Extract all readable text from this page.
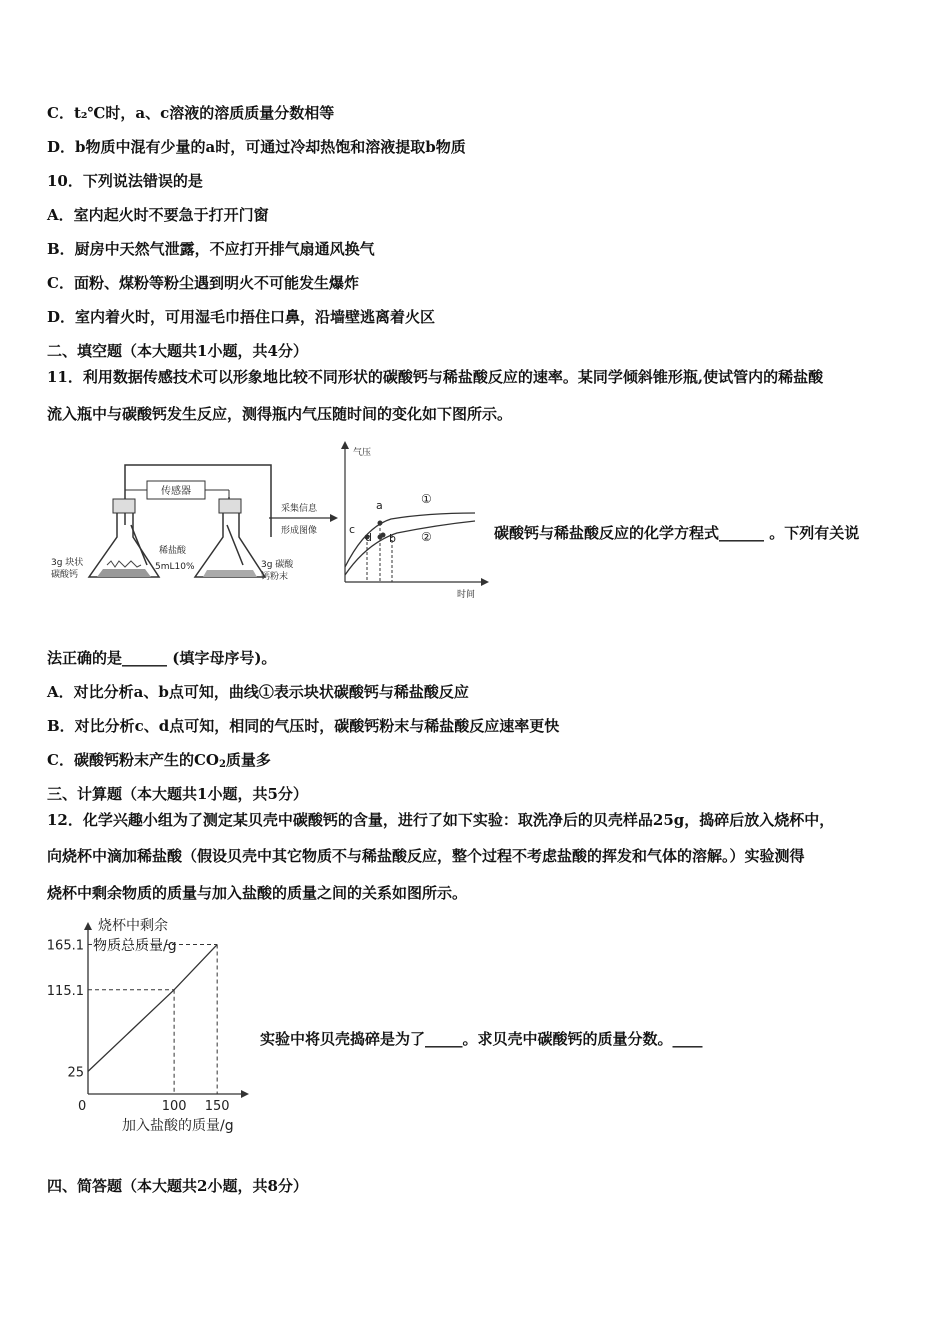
C．t₂℃时，a、c溶液的溶质质量分数相等
D．b物质中混有少量的a时，可通过冷却热饱和溶液提取b物质
10．下列说法错误的是
A．室内起火时不要急于打开门窗
B．厨房中天然气泄露，不应打开排气扇通风换气
C．面粉、煤粉等粉尘遇到明火不可能发生爆炸
D．室内着火时，可用湿毛巾捂住口鼻，沿墙壁逃离着火区
二、填空题（本大题共1小题，共4分）
11．利用数据传感技术可以形象地比较不同形状的碳酸钙与稀盐酸反应的速率。某同学倾斜锥形瓶,使试管内的稀盐酸
流入瓶中与碳酸钙发生反应，测得瓶内气压随时间的变化如下图所示。
传感器
3g 块状
碳酸钙
稀盐酸
5mL10%	3g 碳酸
钙粉末
采集信息
形成图像
气压
时间
a
b
c
d
①
②	碳酸钙与稀盐酸反应的化学方程式______ 。下列有关说
法正确的是______ (填字母序号)。
A．对比分析a、b点可知，曲线①表示块状碳酸钙与稀盐酸反应
B．对比分析c、d点可知，相同的气压时，碳酸钙粉末与稀盐酸反应速率更快
C．碳酸钙粉末产生的$CO_2$质量多
三、计算题（本大题共1小题，共5分）
12．化学兴趣小组为了测定某贝壳中碳酸钙的含量，进行了如下实验：取洗净后的贝壳样品25g，捣碎后放入烧杯中，
向烧杯中滴加稀盐酸（假设贝壳中其它物质不与稀盐酸反应，整个过程不考虑盐酸的挥发和气体的溶解。）实验测得
烧杯中剩余物质的质量与加入盐酸的质量之间的关系如图所示。
烧杯中剩余
物质总质量/g
加入盐酸的质量/g
0
165.1
115.1
25
100 150
实验中将贝壳捣碎是为了_____。求贝壳中碳酸钙的质量分数。____
四、简答题（本大题共2小题，共8分）
